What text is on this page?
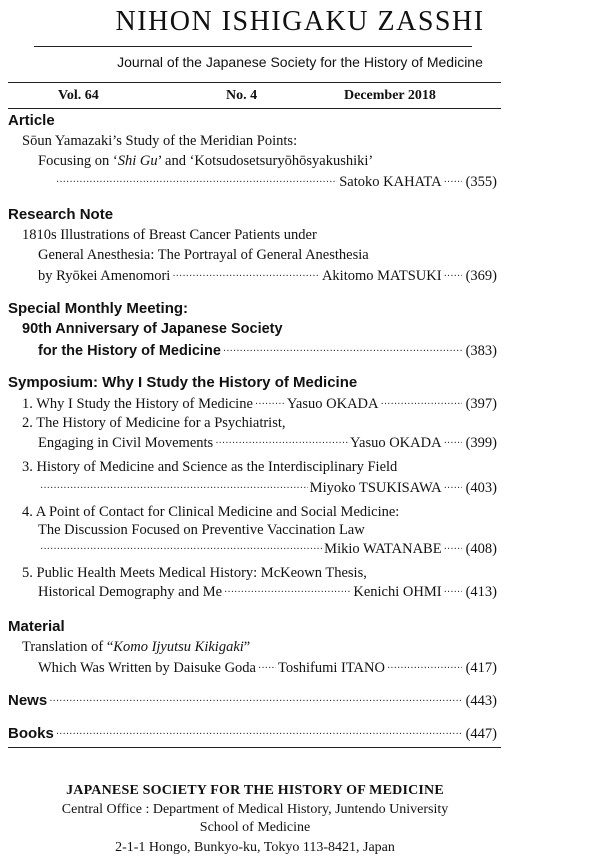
NIHON ISHIGAKU ZASSHI
Journal of the Japanese Society for the History of Medicine
Vol. 64	No. 4	December 2018
Article
Sōun Yamazaki’s Study of the Meridian Points:
Focusing on ‘Shi Gu’ and ‘Kotsudosetsuryōhōsyakushiki’
·····
Satoko KAHATA ····· (355)
Research Note
1810s Illustrations of Breast Cancer Patients under
General Anesthesia: The Portrayal of General Anesthesia
by Ryōkei Amenomori ·····	Akitomo MATSUKI ····· (369)
Special Monthly Meeting:
90th Anniversary of Japanese Society
for the History of Medicine ·····	(383)
Symposium: Why I Study the History of Medicine
1. Why I Study the History of Medicine ····· Yasuo OKADA ·····	(397)
2. The History of Medicine for a Psychiatrist,
Engaging in Civil Movements ·····	Yasuo OKADA ····· (399)
3. History of Medicine and Science as the Interdisciplinary Field
·····
Miyoko TSUKISAWA ····· (403)
4. A Point of Contact for Clinical Medicine and Social Medicine:
The Discussion Focused on Preventive Vaccination Law
·····
Mikio WATANABE ····· (408)
5. Public Health Meets Medical History: McKeown Thesis,
Historical Demography and Me ·····	Kenichi OHMI ····· (413)
Material
Translation of “Komo Ijyutsu Kikigaki”
Which Was Written by Daisuke Goda ····· Toshifumi ITANO ·····	(417)
News ·····	(443)
Books ·····	(447)
JAPANESE SOCIETY FOR THE HISTORY OF MEDICINE
Central Office : Department of Medical History, Juntendo University
School of Medicine
2-1-1 Hongo, Bunkyo-ku, Tokyo 113-8421, Japan
